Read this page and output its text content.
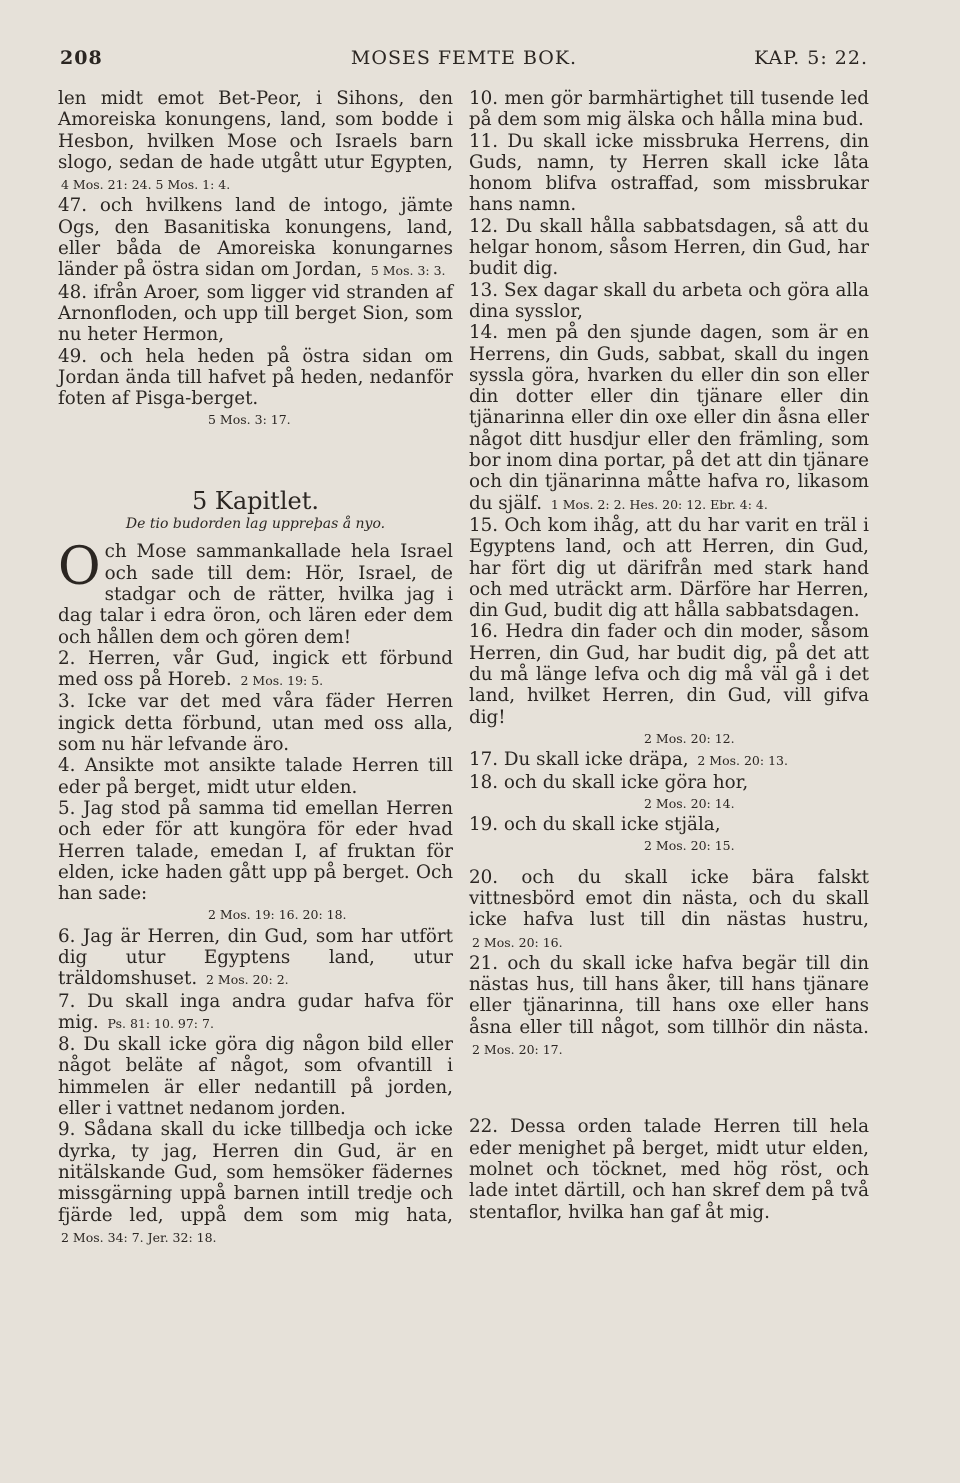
208	MOSES FEMTE BOK.	KAP. 5: 22.

len midt emot Bet-Peor, i Sihons, den Amoreiska konungens, land, som bodde i Hesbon, hvilken Mose och Israels barn slogo, sedan de hade utgått utur Egypten, 4 Mos. 21: 24. 5 Mos. 1: 4.

47. och hvilkens land de intogo, jämte Ogs, den Basanitiska konungens, land, eller båda de Amoreiska konungarnes länder på östra sidan om Jordan, 5 Mos. 3: 3.

48. ifrån Aroer, som ligger vid stranden af Arnonfloden, och upp till berget Sion, som nu heter Hermon,

49. och hela heden på östra sidan om Jordan ända till hafvet på heden, nedanför foten af Pisga-berget.

5 Mos. 3: 17.
5 Kapitlet.
De tio budorden lag uppreþas å nyo.

Och Mose sammankallade hela Israel och sade till dem: Hör, Israel, de stadgar och de rätter, hvilka jag i dag talar i edra öron, och lären eder dem och hållen dem och gören dem!

2. Herren, vår Gud, ingick ett förbund med oss på Horeb. 2 Mos. 19: 5.

3. Icke var det med våra fäder Herren ingick detta förbund, utan med oss alla, som nu här lefvande äro.

4. Ansikte mot ansikte talade Herren till eder på berget, midt utur elden.

5. Jag stod på samma tid emellan Herren och eder för att kungöra för eder hvad Herren talade, emedan I, af fruktan för elden, icke haden gått upp på berget. Och han sade:

2 Mos. 19: 16. 20: 18.

6. Jag är Herren, din Gud, som har utfört dig utur Egyptens land, utur träldomshuset. 2 Mos. 20: 2.

7. Du skall inga andra gudar hafva för mig. Ps. 81: 10. 97: 7.

8. Du skall icke göra dig någon bild eller något beläte af något, som ofvantill i himmelen är eller nedantill på jorden, eller i vattnet nedanom jorden.

9. Sådana skall du icke tillbedja och icke dyrka, ty jag, Herren din Gud, är en nitälskande Gud, som hemsöker fädernes missgärning uppå barnen intill tredje och fjärde led, uppå dem som mig hata, 2 Mos. 34: 7. Jer. 32: 18.

10. men gör barmhärtighet till tusende led på dem som mig älska och hålla mina bud.

11. Du skall icke missbruka Herrens, din Guds, namn, ty Herren skall icke låta honom blifva ostraffad, som missbrukar hans namn.

12. Du skall hålla sabbatsdagen, så att du helgar honom, såsom Herren, din Gud, har budit dig.

13. Sex dagar skall du arbeta och göra alla dina sysslor,

14. men på den sjunde dagen, som är en Herrens, din Guds, sabbat, skall du ingen syssla göra, hvarken du eller din son eller din dotter eller din tjänare eller din tjänarinna eller din oxe eller din åsna eller något ditt husdjur eller den främling, som bor inom dina portar, på det att din tjänare och din tjänarinna måtte hafva ro, likasom du själf. 1 Mos. 2: 2. Hes. 20: 12. Ebr. 4: 4.

15. Och kom ihåg, att du har varit en träl i Egyptens land, och att Herren, din Gud, har fört dig ut därifrån med stark hand och med uträckt arm. Därföre har Herren, din Gud, budit dig att hålla sabbatsdagen.

16. Hedra din fader och din moder, såsom Herren, din Gud, har budit dig, på det att du må länge lefva och dig må väl gå i det land, hvilket Herren, din Gud, vill gifva dig!

2 Mos. 20: 12.

17. Du skall icke dräpa, 2 Mos. 20: 13.

18. och du skall icke göra hor,

2 Mos. 20: 14.

19. och du skall icke stjäla,

2 Mos. 20: 15.

20. och du skall icke bära falskt vittnesbörd emot din nästa, och du skall icke hafva lust till din nästas hustru, 2 Mos. 20: 16.

21. och du skall icke hafva begär till din nästas hus, till hans åker, till hans tjänare eller tjänarinna, till hans oxe eller hans åsna eller till något, som tillhör din nästa. 2 Mos. 20: 17.

22. Dessa orden talade Herren till hela eder menighet på berget, midt utur elden, molnet och töcknet, med hög röst, och lade intet därtill, och han skref dem på två stentaflor, hvilka han gaf åt mig.
